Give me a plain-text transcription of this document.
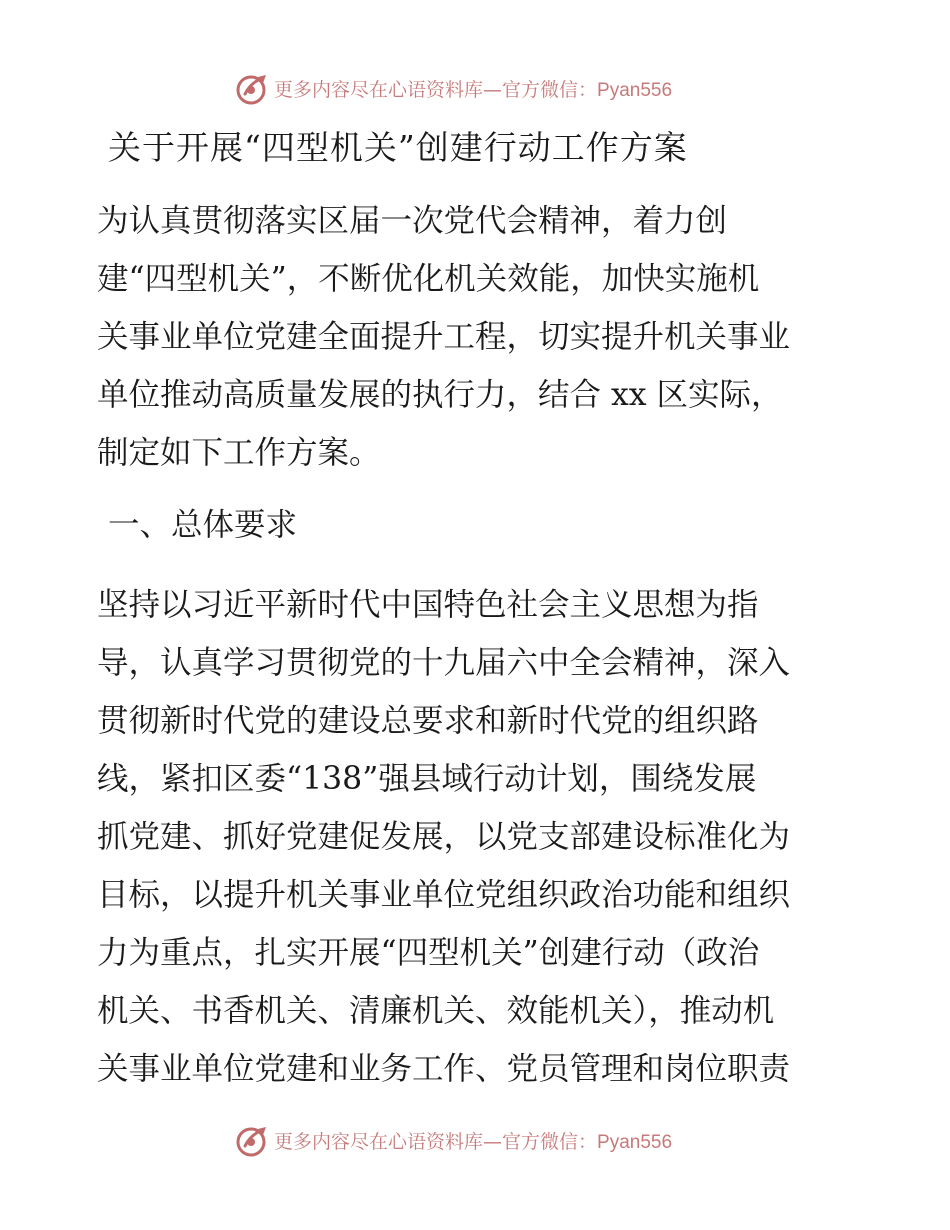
更多内容尽在心语资料库—官方微信：Pyan556
关于开展“四型机关”创建行动工作方案
为认真贯彻落实区届一次党代会精神，着力创
建“四型机关”，不断优化机关效能，加快实施机
关事业单位党建全面提升工程，切实提升机关事业
单位推动高质量发展的执行力，结合 xx 区实际，
制定如下工作方案。
一、总体要求
坚持以习近平新时代中国特色社会主义思想为指
导，认真学习贯彻党的十九届六中全会精神，深入
贯彻新时代党的建设总要求和新时代党的组织路
线，紧扣区委“138”强县域行动计划，围绕发展
抓党建、抓好党建促发展，以党支部建设标准化为
目标，以提升机关事业单位党组织政治功能和组织
力为重点，扎实开展“四型机关”创建行动（政治
机关、书香机关、清廉机关、效能机关），推动机
关事业单位党建和业务工作、党员管理和岗位职责
更多内容尽在心语资料库—官方微信：Pyan556
